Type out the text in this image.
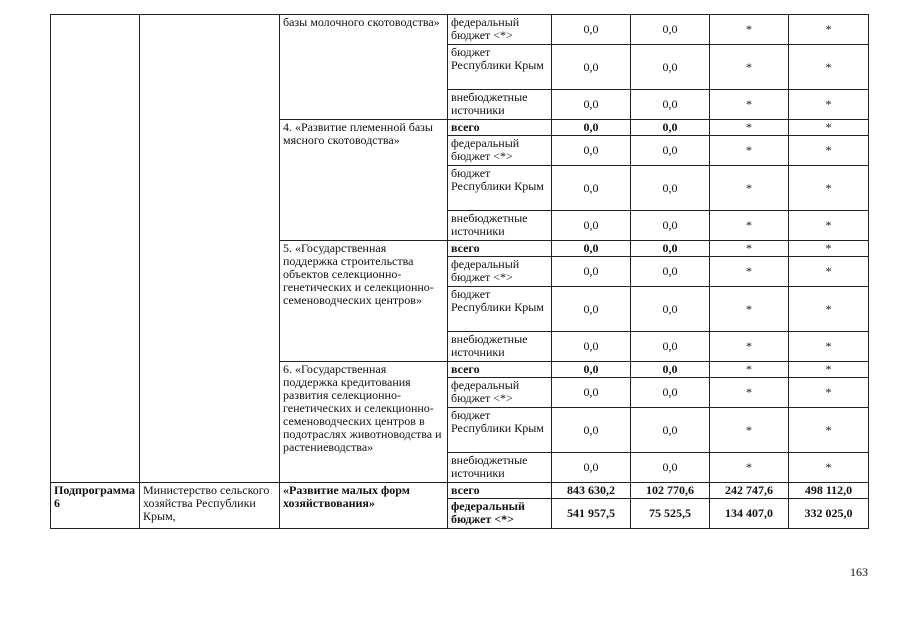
		базы молочного скотоводства»	федеральный бюджет <*>	0,0	0,0	*	*
			бюджет Республики Крым	0,0	0,0	*	*
			внебюджетные источники	0,0	0,0	*	*
		4. «Развитие племенной базы мясного скотоводства»	всего	0,0	0,0	*	*
			федеральный бюджет <*>	0,0	0,0	*	*
			бюджет Республики Крым	0,0	0,0	*	*
			внебюджетные источники	0,0	0,0	*	*
		5. «Государственная поддержка строительства объектов селекционно-генетических и селекционно-семеноводческих центров»	всего	0,0	0,0	*	*
			федеральный бюджет <*>	0,0	0,0	*	*
			бюджет Республики Крым	0,0	0,0	*	*
			внебюджетные источники	0,0	0,0	*	*
		6. «Государственная поддержка кредитования развития селекционно-генетических и селекционно-семеноводческих центров в подотраслях животноводства и растениеводства»	всего	0,0	0,0	*	*
			федеральный бюджет <*>	0,0	0,0	*	*
			бюджет Республики Крым	0,0	0,0	*	*
			внебюджетные источники	0,0	0,0	*	*
Подпрограмма 6	Министерство сельского хозяйства Республики Крым,	«Развитие малых форм хозяйствования»	всего	843 630,2	102 770,6	242 747,6	498 112,0
			федеральный бюджет <*>	541 957,5	75 525,5	134 407,0	332 025,0
163
